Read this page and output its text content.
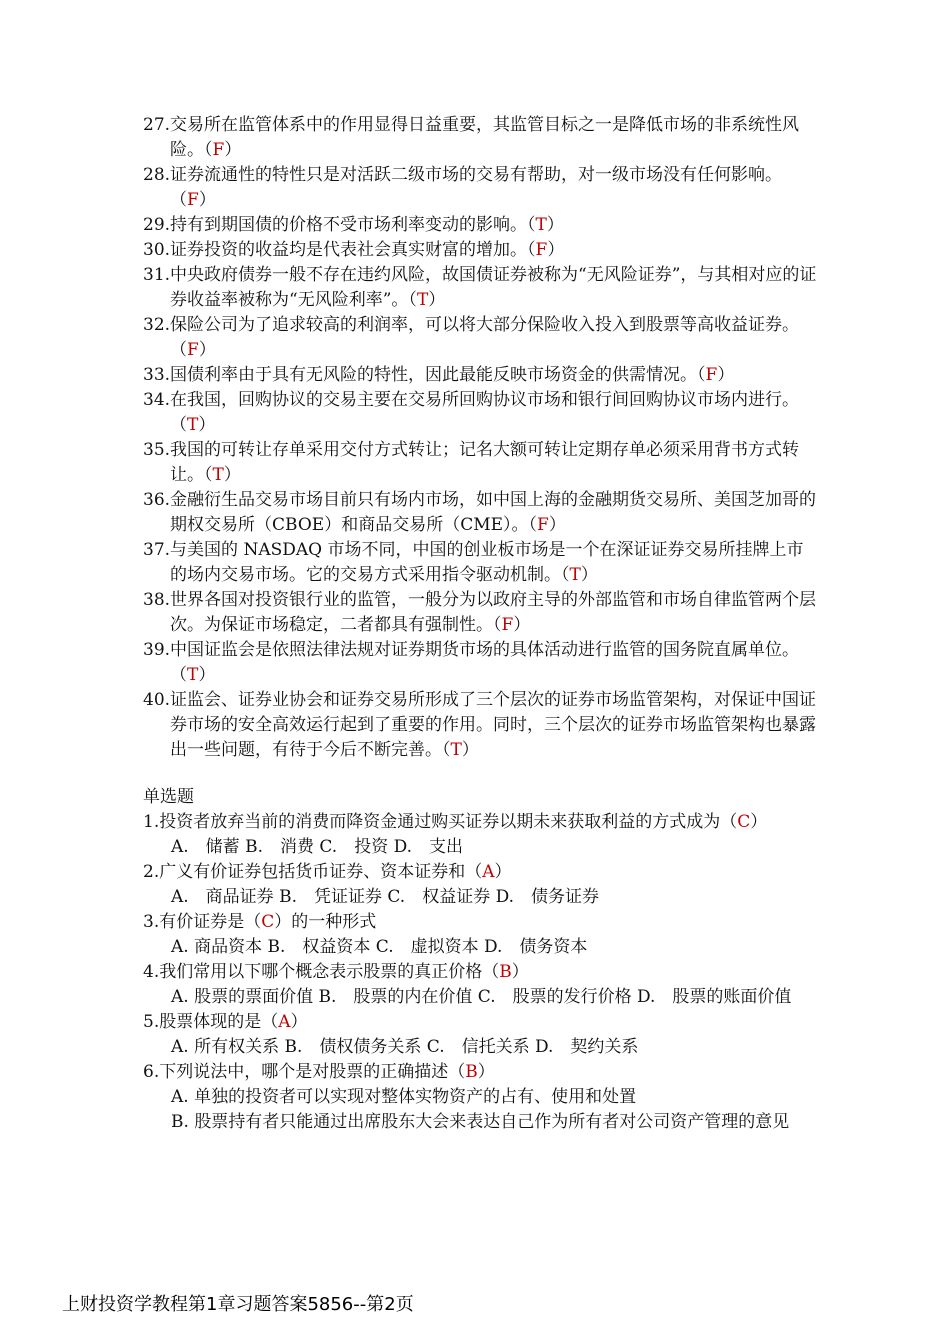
27. 交易所在监管体系中的作用显得日益重要，其监管目标之一是降低市场的非系统性风险。（F）
28. 证券流通性的特性只是对活跃二级市场的交易有帮助，对一级市场没有任何影响。（F）
29. 持有到期国债的价格不受市场利率变动的影响。（T）
30. 证券投资的收益均是代表社会真实财富的增加。（F）
31. 中央政府债券一般不存在违约风险，故国债证券被称为“无风险证券”，与其相对应的证券收益率被称为“无风险利率”。（T）
32. 保险公司为了追求较高的利润率，可以将大部分保险收入投入到股票等高收益证券。（F）
33. 国债利率由于具有无风险的特性，因此最能反映市场资金的供需情况。（F）
34. 在我国，回购协议的交易主要在交易所回购协议市场和银行间回购协议市场内进行。（T）
35. 我国的可转让存单采用交付方式转让；记名大额可转让定期存单必须采用背书方式转让。（T）
36. 金融衍生品交易市场目前只有场内市场，如中国上海的金融期货交易所、美国芝加哥的期权交易所（CBOE）和商品交易所（CME）。（F）
37. 与美国的 NASDAQ 市场不同，中国的创业板市场是一个在深证证券交易所挂牌上市的场内交易市场。它的交易方式采用指令驱动机制。（T）
38. 世界各国对投资银行业的监管，一般分为以政府主导的外部监管和市场自律监管两个层次。为保证市场稳定，二者都具有强制性。（F）
39. 中国证监会是依照法律法规对证券期货市场的具体活动进行监管的国务院直属单位。（T）
40. 证监会、证券业协会和证券交易所形成了三个层次的证券市场监管架构，对保证中国证券市场的安全高效运行起到了重要的作用。同时，三个层次的证券市场监管架构也暴露出一些问题，有待于今后不断完善。（T）
单选题
1. 投资者放弃当前的消费而降资金通过购买证券以期未来获取利益的方式成为（C）
A.　储蓄 B.　消费 C.　投资 D.　支出
2. 广义有价证券包括货币证券、资本证券和（A）
A.　商品证券 B.　凭证证券 C.　权益证券 D.　债务证券
3. 有价证券是（C）的一种形式
A. 商品资本 B.　权益资本 C.　虚拟资本 D.　债务资本
4. 我们常用以下哪个概念表示股票的真正价格（B）
A. 股票的票面价值 B.　股票的内在价值 C.　股票的发行价格 D.　股票的账面价值
5. 股票体现的是（A）
A. 所有权关系 B.　债权债务关系 C.　信托关系 D.　契约关系
6. 下列说法中，哪个是对股票的正确描述（B）
A.
单独的投资者可以实现对整体实物资产的占有、使用和处置
B.
股票持有者只能通过出席股东大会来表达自己作为所有者对公司资产管理的意见
上财投资学教程第1章习题答案5856--第2页
